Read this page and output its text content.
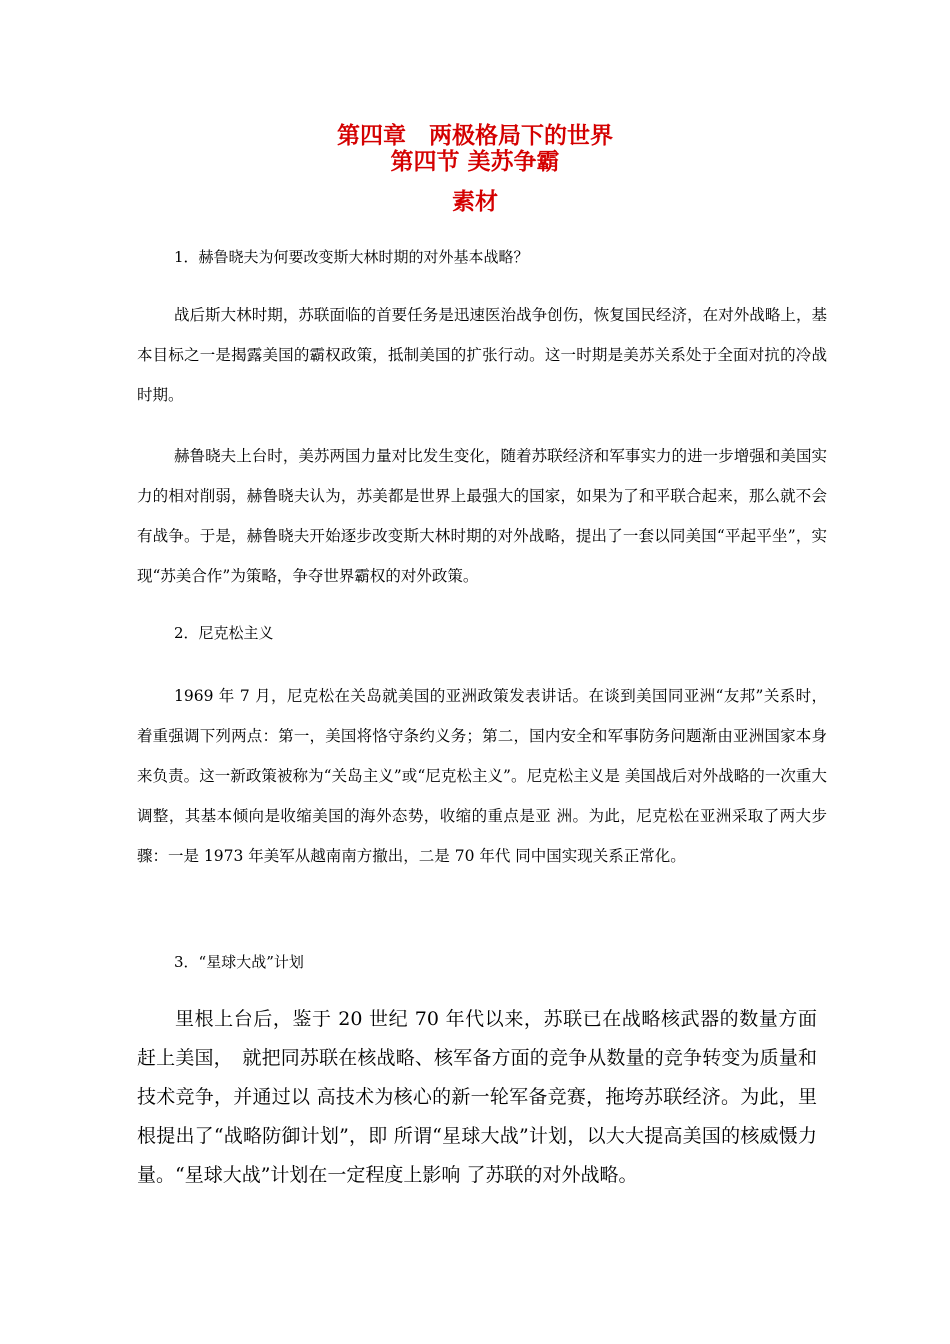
第四章　两极格局下的世界
第四节 美苏争霸
素材
1．赫鲁晓夫为何要改变斯大林时期的对外基本战略？
战后斯大林时期，苏联面临的首要任务是迅速医治战争创伤，恢复国民经济，在对外战略上，基本目标之一是揭露美国的霸权政策，抵制美国的扩张行动。这一时期是美苏关系处于全面对抗的冷战时期。
赫鲁晓夫上台时，美苏两国力量对比发生变化，随着苏联经济和军事实力的进一步增强和美国实力的相对削弱，赫鲁晓夫认为，苏美都是世界上最强大的国家，如果为了和平联合起来，那么就不会有战争。于是，赫鲁晓夫开始逐步改变斯大林时期的对外战略，提出了一套以同美国“平起平坐”，实现“苏美合作”为策略，争夺世界霸权的对外政策。
2．尼克松主义
1969 年 7 月，尼克松在关岛就美国的亚洲政策发表讲话。在谈到美国同亚洲“友邦”关系时，着重强调下列两点：第一，美国将恪守条约义务；第二，国内安全和军事防务问题渐由亚洲国家本身来负责。这一新政策被称为“关岛主义”或“尼克松主义”。尼克松主义是 美国战后对外战略的一次重大调整，其基本倾向是收缩美国的海外态势，收缩的重点是亚 洲。为此，尼克松在亚洲采取了两大步骤：一是 1973 年美军从越南南方撤出，二是 70 年代 同中国实现关系正常化。
3．“星球大战”计划
里根上台后，鉴于 20 世纪 70 年代以来，苏联已在战略核武器的数量方面赶上美国，　就把同苏联在核战略、核军备方面的竞争从数量的竞争转变为质量和技术竞争，并通过以 高技术为核心的新一轮军备竞赛，拖垮苏联经济。为此，里根提出了“战略防御计划”，即 所谓“星球大战”计划，以大大提高美国的核威慑力量。“星球大战”计划在一定程度上影响 了苏联的对外战略。
